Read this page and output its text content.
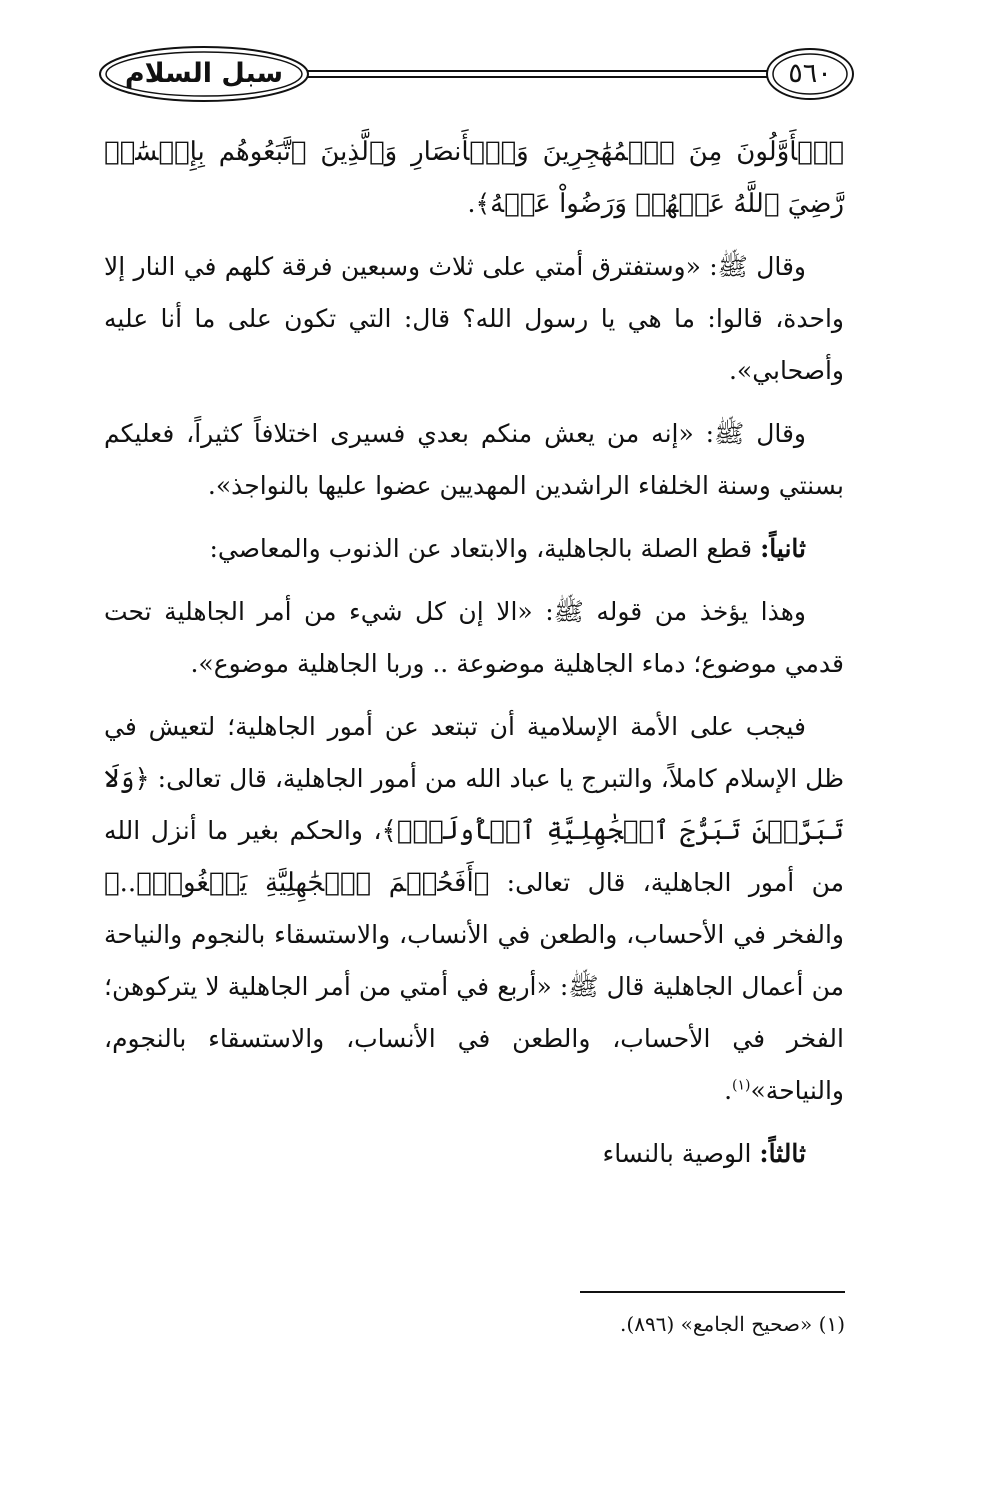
سبل السلام	٥٦٠

ٱلۡأَوَّلُونَ مِنَ ٱلۡمُهَٰجِرِينَ وَٱلۡأَنصَارِ وَٱلَّذِينَ ٱتَّبَعُوهُم بِإِحۡسَٰنٖ رَّضِيَ ٱللَّهُ عَنۡهُمۡ وَرَضُواْ عَنۡهُ﴾.

وقال ﷺ: «وستفترق أمتي على ثلاث وسبعين فرقة كلهم في النار إلا واحدة، قالوا: ما هي يا رسول الله؟ قال: التي تكون على ما أنا عليه وأصحابي».

وقال ﷺ: «إنه من يعش منكم بعدي فسيرى اختلافاً كثيراً، فعليكم بسنتي وسنة الخلفاء الراشدين المهديين عضوا عليها بالنواجذ».

ثانياً: قطع الصلة بالجاهلية، والابتعاد عن الذنوب والمعاصي:

وهذا يؤخذ من قوله ﷺ: «الا إن كل شيء من أمر الجاهلية تحت قدمي موضوع؛ دماء الجاهلية موضوعة .. وربا الجاهلية موضوع».

فيجب على الأمة الإسلامية أن تبتعد عن أمور الجاهلية؛ لتعيش في ظل الإسلام كاملاً، والتبرج يا عباد الله من أمور الجاهلية، قال تعالى: ﴿وَلَا تَبَرَّجۡنَ تَبَرُّجَ ٱلۡجَٰهِلِيَّةِ ٱلۡأُولَىٰۖ﴾، والحكم بغير ما أنزل الله من أمور الجاهلية، قال تعالى: ﴿أَفَحُكۡمَ ٱلۡجَٰهِلِيَّةِ يَبۡغُونَۚ..﴾ والفخر في الأحساب، والطعن في الأنساب، والاستسقاء بالنجوم والنياحة من أعمال الجاهلية قال ﷺ: «أربع في أمتي من أمر الجاهلية لا يتركوهن؛ الفخر في الأحساب، والطعن في الأنساب، والاستسقاء بالنجوم، والنياحة»$^{(١)}$.

ثالثاً: الوصية بالنساء

(١) «صحيح الجامع» (٨٩٦).
